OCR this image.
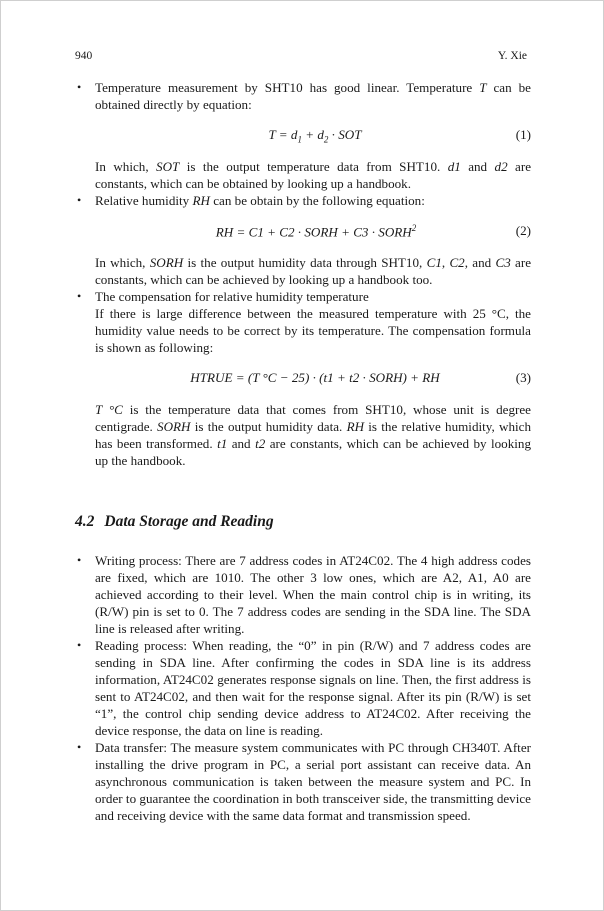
940	Y. Xie
• Temperature measurement by SHT10 has good linear. Temperature T can be obtained directly by equation:
$T = d_1 + d_2$ · SOT	(1)
In which, SOT is the output temperature data from SHT10. d1 and d2 are constants, which can be obtained by looking up a handbook.
• Relative humidity RH can be obtain by the following equation:
RH = C1 + C2 · SORH + $C3 \cdot SORH^2$	(2)
In which, SORH is the output humidity data through SHT10, C1, C2, and C3 are constants, which can be achieved by looking up a handbook too.
• The compensation for relative humidity temperature
If there is large difference between the measured temperature with 25 °C, the humidity value needs to be correct by its temperature. The compensation formula is shown as following:
HTRUE = (T °C − 25) · (t1 + t2 · SORH) + RH	(3)
T °C is the temperature data that comes from SHT10, whose unit is degree centigrade. SORH is the output humidity data. RH is the relative humidity, which has been transformed. t1 and t2 are constants, which can be achieved by looking up the handbook.
4.2 Data Storage and Reading
• Writing process: There are 7 address codes in AT24C02. The 4 high address codes are fixed, which are 1010. The other 3 low ones, which are A2, A1, A0 are achieved according to their level. When the main control chip is in writing, its (R/W) pin is set to 0. The 7 address codes are sending in the SDA line. The SDA line is released after writing.
• Reading process: When reading, the “0” in pin (R/W) and 7 address codes are sending in SDA line. After confirming the codes in SDA line is its address information, AT24C02 generates response signals on line. Then, the first address is sent to AT24C02, and then wait for the response signal. After its pin (R/W) is set “1”, the control chip sending device address to AT24C02. After receiving the device response, the data on line is reading.
• Data transfer: The measure system communicates with PC through CH340T. After installing the drive program in PC, a serial port assistant can receive data. An asynchronous communication is taken between the measure system and PC. In order to guarantee the coordination in both transceiver side, the transmitting device and receiving device with the same data format and transmission speed.
